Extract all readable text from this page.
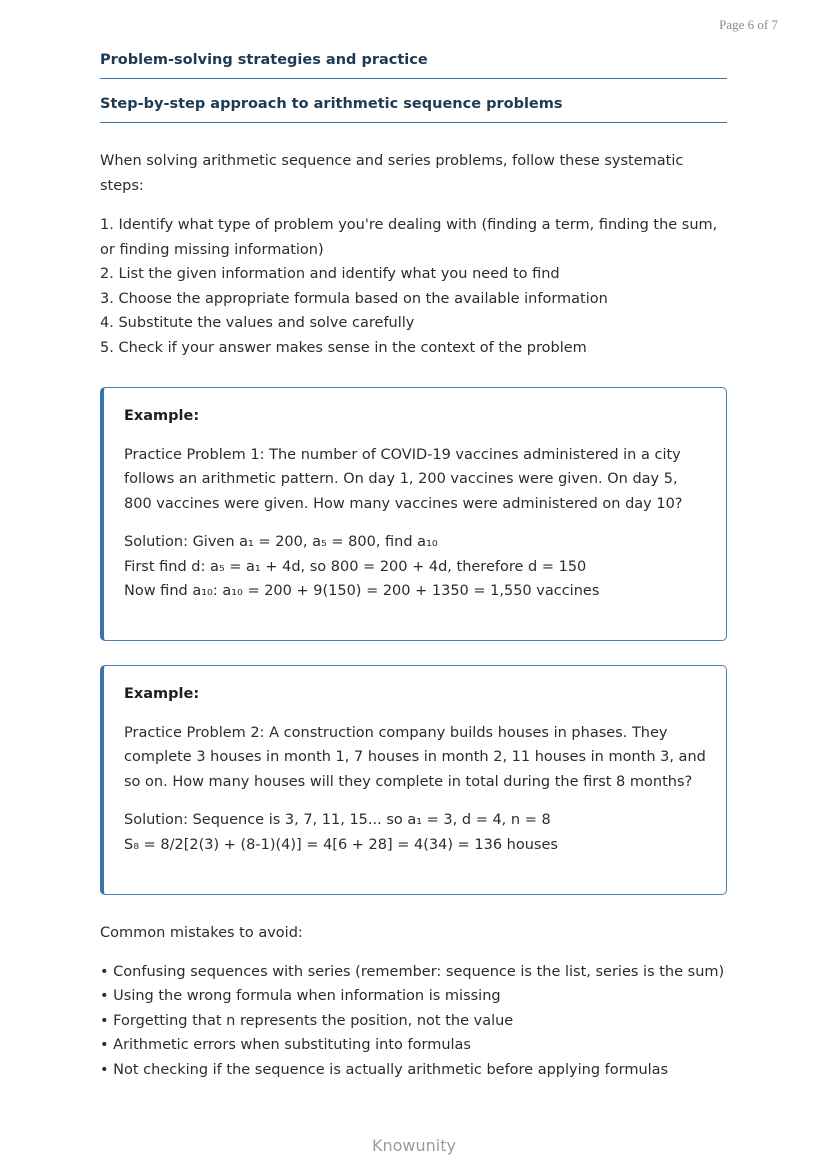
Page 6 of 7
Problem-solving strategies and practice
Step-by-step approach to arithmetic sequence problems
When solving arithmetic sequence and series problems, follow these systematic steps:
1. Identify what type of problem you're dealing with (finding a term, finding the sum, or finding missing information)
2. List the given information and identify what you need to find
3. Choose the appropriate formula based on the available information
4. Substitute the values and solve carefully
5. Check if your answer makes sense in the context of the problem
Example:
Practice Problem 1: The number of COVID-19 vaccines administered in a city follows an arithmetic pattern. On day 1, 200 vaccines were given. On day 5, 800 vaccines were given. How many vaccines were administered on day 10?
Solution: Given a₁ = 200, a₅ = 800, find a₁₀
First find d: a₅ = a₁ + 4d, so 800 = 200 + 4d, therefore d = 150
Now find a₁₀: a₁₀ = 200 + 9(150) = 200 + 1350 = 1,550 vaccines
Example:
Practice Problem 2: A construction company builds houses in phases. They complete 3 houses in month 1, 7 houses in month 2, 11 houses in month 3, and so on. How many houses will they complete in total during the first 8 months?
Solution: Sequence is 3, 7, 11, 15... so a₁ = 3, d = 4, n = 8
S₈ = 8/2[2(3) + (8-1)(4)] = 4[6 + 28] = 4(34) = 136 houses
Common mistakes to avoid:
• Confusing sequences with series (remember: sequence is the list, series is the sum)
• Using the wrong formula when information is missing
• Forgetting that n represents the position, not the value
• Arithmetic errors when substituting into formulas
• Not checking if the sequence is actually arithmetic before applying formulas
Knowunity
